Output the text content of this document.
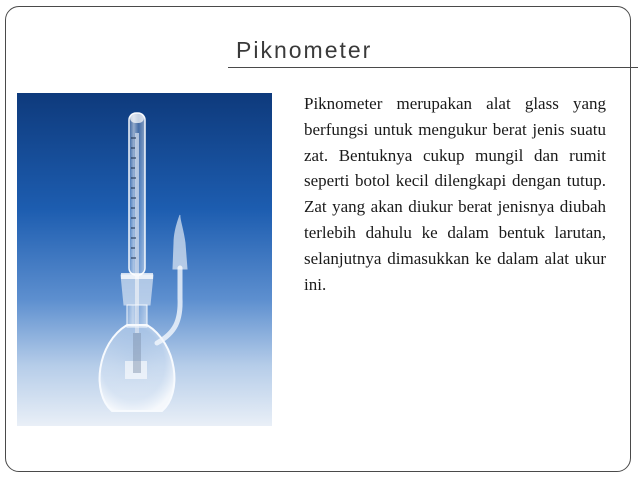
Piknometer

Piknometer merupakan alat glass yang berfungsi untuk mengukur berat jenis suatu zat. Bentuknya cukup mungil dan rumit seperti botol kecil dilengkapi dengan tutup. Zat yang akan diukur berat jenisnya diubah terlebih dahulu ke dalam bentuk larutan, selanjutnya dimasukkan ke dalam alat ukur ini.
